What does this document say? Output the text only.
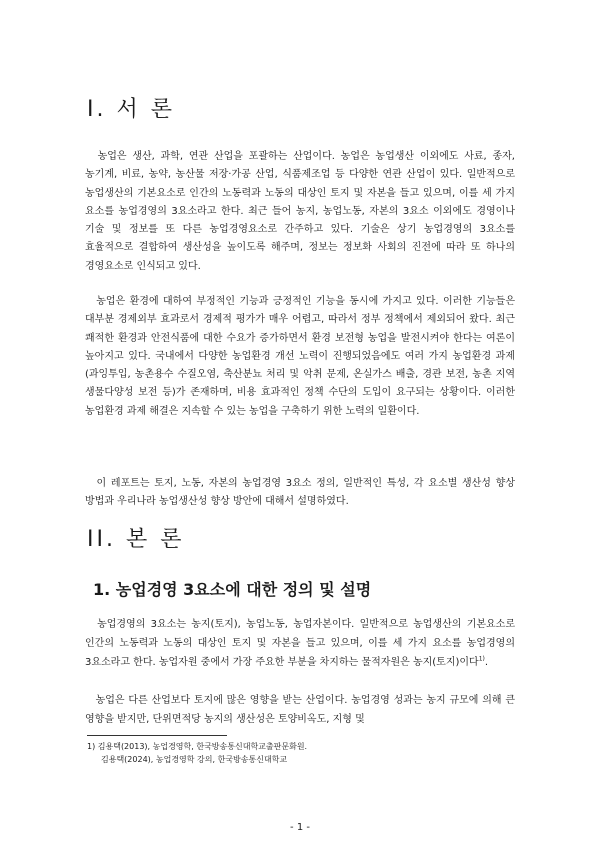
I. 서 론

　농업은 생산, 과학, 연관 산업을 포괄하는 산업이다. 농업은 농업생산 이외에도 사료, 종자, 농기계, 비료, 농약, 농산물 저장·가공 산업, 식품제조업 등 다양한 연관 산업이 있다. 일반적으로 농업생산의 기본요소로 인간의 노동력과 노동의 대상인 토지 및 자본을 들고 있으며, 이를 세 가지 요소를 농업경영의 3요소라고 한다. 최근 들어 농지, 농업노동, 자본의 3요소 이외에도 경영이나 기술 및 정보를 또 다른 농업경영요소로 간주하고 있다. 기술은 상기 농업경영의 3요소를 효율적으로 결합하여 생산성을 높이도록 해주며, 정보는 정보화 사회의 진전에 따라 또 하나의 경영요소로 인식되고 있다.

　농업은 환경에 대하여 부정적인 기능과 긍정적인 기능을 동시에 가지고 있다. 이러한 기능들은 대부분 경제외부 효과로서 경제적 평가가 매우 어렵고, 따라서 정부 정책에서 제외되어 왔다. 최근 쾌적한 환경과 안전식품에 대한 수요가 증가하면서 환경 보전형 농업을 발전시켜야 한다는 여론이 높아지고 있다. 국내에서 다양한 농업환경 개선 노력이 진행되었음에도 여러 가지 농업환경 과제(과잉투입, 농촌용수 수질오염, 축산분뇨 처리 및 악취 문제, 온실가스 배출, 경관 보전, 농촌 지역 생물다양성 보전 등)가 존재하며, 비용 효과적인 정책 수단의 도입이 요구되는 상황이다. 이러한 농업환경 과제 해결은 지속할 수 있는 농업을 구축하기 위한 노력의 일환이다.

　이 레포트는 토지, 노동, 자본의 농업경영 3요소 정의, 일반적인 특성, 각 요소별 생산성 향상 방법과 우리나라 농업생산성 향상 방안에 대해서 설명하였다.

II. 본 론
1. 농업경영 3요소에 대한 정의 및 설명

　농업경영의 3요소는 농지(토지), 농업노동, 농업자본이다. 일반적으로 농업생산의 기본요소로 인간의 노동력과 노동의 대상인 토지 및 자본을 들고 있으며, 이를 세 가지 요소를 농업경영의 3요소라고 한다. 농업자원 중에서 가장 주요한 부분을 차지하는 물적자원은 농지(토지)이다$^{1)}$.

　농업은 다른 산업보다 토지에 많은 영향을 받는 산업이다. 농업경영 성과는 농지 규모에 의해 큰 영향을 받지만, 단위면적당 농지의 생산성은 토양비옥도, 지형 및

1) 김용택(2013), 농업경영학, 한국방송통신대학교출판문화원.

김용택(2024), 농업경영학 강의, 한국방송통신대학교

- 1 -
